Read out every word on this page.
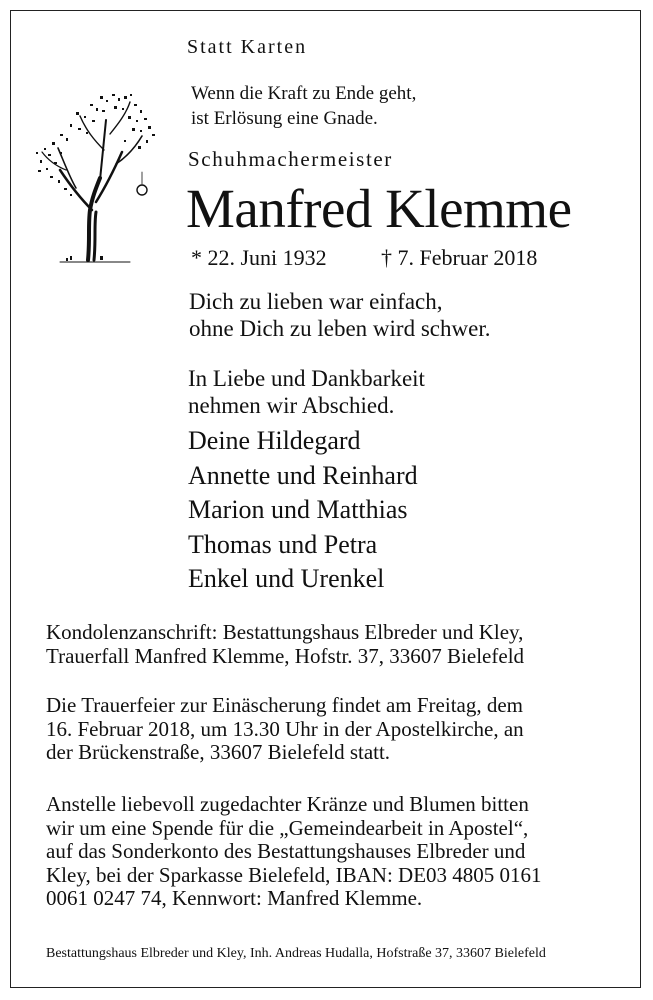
Statt Karten
Wenn die Kraft zu Ende geht,
ist Erlösung eine Gnade.
Schuhmachermeister
Manfred Klemme
* 22. Juni 1932 † 7. Februar 2018
Dich zu lieben war einfach,
ohne Dich zu leben wird schwer.
In Liebe und Dankbarkeit
nehmen wir Abschied.
Deine Hildegard
Annette und Reinhard
Marion und Matthias
Thomas und Petra
Enkel und Urenkel
Kondolenzanschrift: Bestattungshaus Elbreder und Kley,
Trauerfall Manfred Klemme, Hofstr. 37, 33607 Bielefeld
Die Trauerfeier zur Einäscherung findet am Freitag, dem
16. Februar 2018, um 13.30 Uhr in der Apostelkirche, an
der Brückenstraße, 33607 Bielefeld statt.
Anstelle liebevoll zugedachter Kränze und Blumen bitten
wir um eine Spende für die „Gemeindearbeit in Apostel“,
auf das Sonderkonto des Bestattungshauses Elbreder und
Kley, bei der Sparkasse Bielefeld, IBAN: DE03 4805 0161
0061 0247 74, Kennwort: Manfred Klemme.
Bestattungshaus Elbreder und Kley, Inh. Andreas Hudalla, Hofstraße 37, 33607 Bielefeld
